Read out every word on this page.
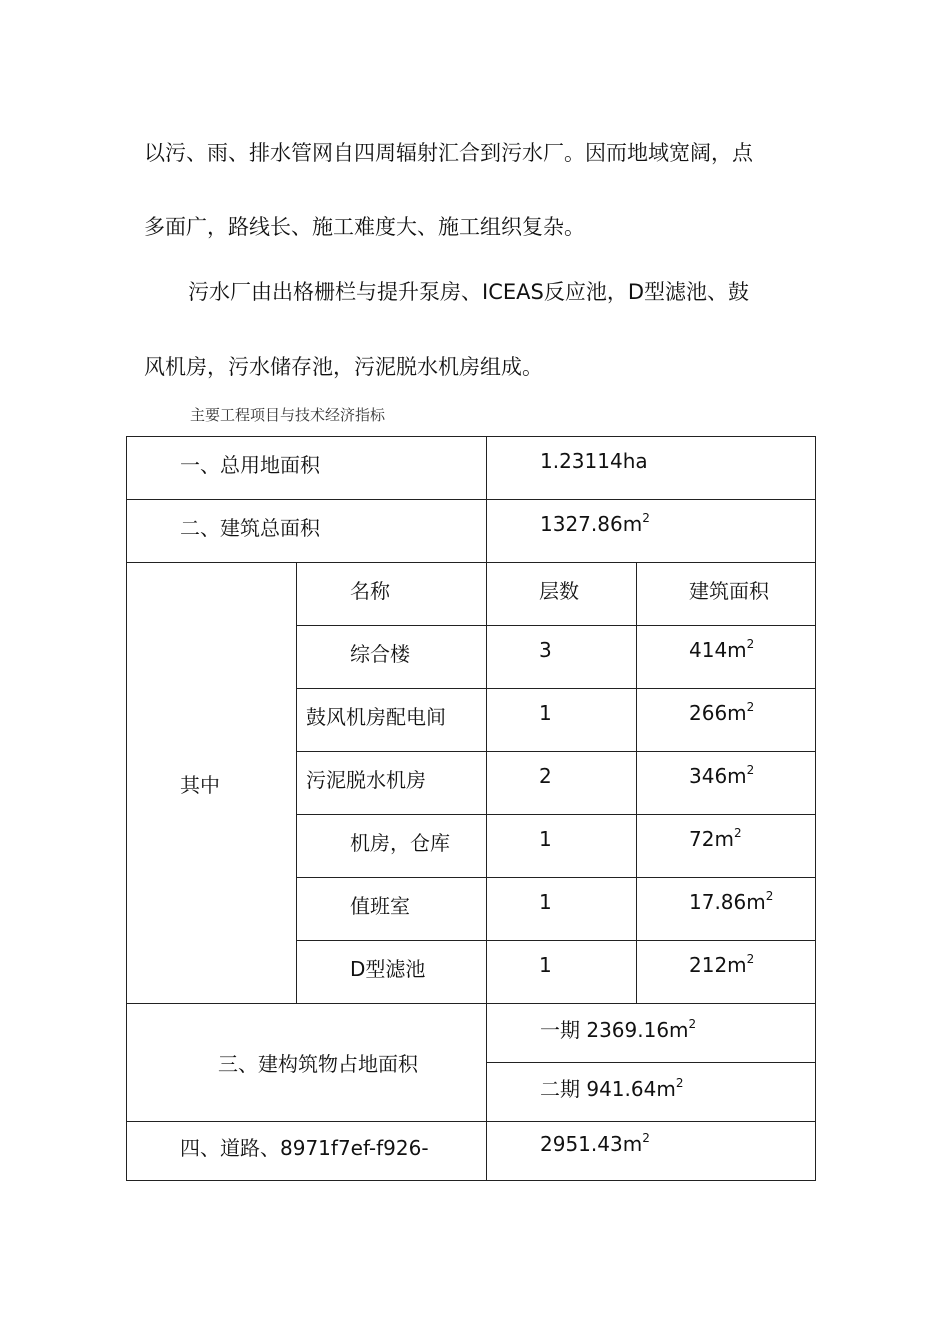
以污、雨、排水管网自四周辐射汇合到污水厂。因而地域宽阔，点
多面广，路线长、施工难度大、施工组织复杂。
污水厂由出格栅栏与提升泵房、ICEAS反应池，D型滤池、鼓
风机房，污水储存池，污泥脱水机房组成。
主要工程项目与技术经济指标
一、总用地面积		1.23114ha	
二、建筑总面积		$1327.86m^2$
其中	名称	层数	建筑面积
	综合楼	3	$414m^2$
	鼓风机房配电间	1	$266m^2$
	污泥脱水机房	2	$346m^2$
	机房，仓库	1	$72m^2$
	值班室	1	$17.86m^2$
	D型滤池	1	$212m^2$
三、建构筑物占地面积		一期 $2369.16m^2$
		二期 $941.64m^2$
四、道路、8971f7ef-f926-		$2951.43m^2$
